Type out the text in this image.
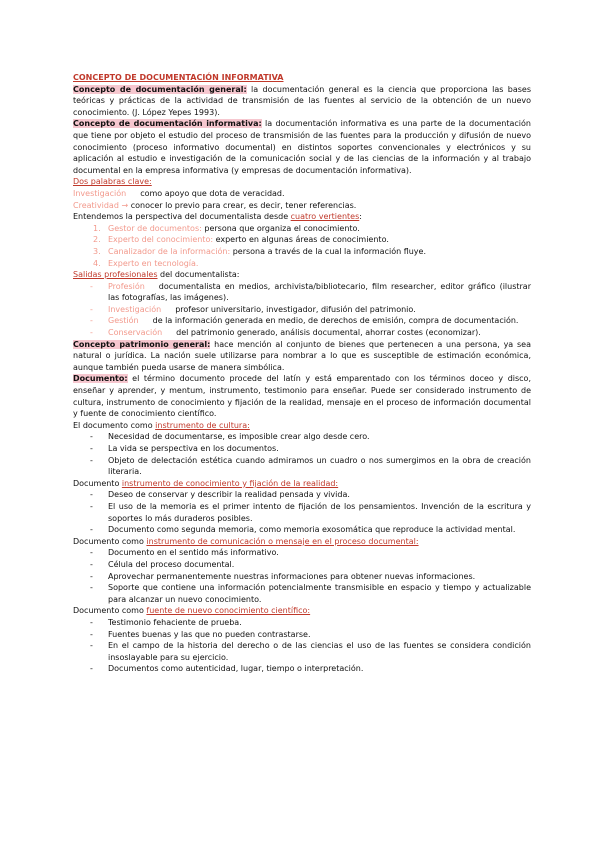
CONCEPTO DE DOCUMENTACIÓN INFORMATIVA

Concepto de documentación general: la documentación general es la ciencia que proporciona las bases teóricas y prácticas de la actividad de transmisión de las fuentes al servicio de la obtención de un nuevo conocimiento. (J. López Yepes 1993).

Concepto de documentación informativa: la documentación informativa es una parte de la documentación que tiene por objeto el estudio del proceso de transmisión de las fuentes para la producción y difusión de nuevo conocimiento (proceso informativo documental) en distintos soportes convencionales y electrónicos y su aplicación al estudio e investigación de la comunicación social y de las ciencias de la información y al trabajo documental en la empresa informativa (y empresas de documentación informativa).

Dos palabras clave:

Investigación como apoyo que dota de veracidad.

Creatividad → conocer lo previo para crear, es decir, tener referencias.

Entendemos la perspectiva del documentalista desde cuatro vertientes:

1. Gestor de documentos: persona que organiza el conocimiento.
2. Experto del conocimiento: experto en algunas áreas de conocimiento.
3. Canalizador de la información: persona a través de la cual la información fluye.
4. Experto en tecnología.

Salidas profesionales del documentalista:

- Profesión documentalista en medios, archivista/bibliotecario, film researcher, editor gráfico (ilustrar las fotografías, las imágenes).
- Investigación profesor universitario, investigador, difusión del patrimonio.
- Gestión de la información generada en medio, de derechos de emisión, compra de documentación.
- Conservación del patrimonio generado, análisis documental, ahorrar costes (economizar).

Concepto patrimonio general: hace mención al conjunto de bienes que pertenecen a una persona, ya sea natural o jurídica. La nación suele utilizarse para nombrar a lo que es susceptible de estimación económica, aunque también pueda usarse de manera simbólica.

Documento: el término documento procede del latín y está emparentado con los términos doceo y disco, enseñar y aprender, y mentum, instrumento, testimonio para enseñar. Puede ser considerado instrumento de cultura, instrumento de conocimiento y fijación de la realidad, mensaje en el proceso de información documental y fuente de conocimiento científico.

El documento como instrumento de cultura:

- Necesidad de documentarse, es imposible crear algo desde cero.
- La vida se perspectiva en los documentos.
- Objeto de delectación estética cuando admiramos un cuadro o nos sumergimos en la obra de creación literaria.

Documento instrumento de conocimiento y fijación de la realidad:

- Deseo de conservar y describir la realidad pensada y vivida.
- El uso de la memoria es el primer intento de fijación de los pensamientos. Invención de la escritura y soportes lo más duraderos posibles.
- Documento como segunda memoria, como memoria exosomática que reproduce la actividad mental.

Documento como instrumento de comunicación o mensaje en el proceso documental:

- Documento en el sentido más informativo.
- Célula del proceso documental.
- Aprovechar permanentemente nuestras informaciones para obtener nuevas informaciones.
- Soporte que contiene una información potencialmente transmisible en espacio y tiempo y actualizable para alcanzar un nuevo conocimiento.

Documento como fuente de nuevo conocimiento científico:

- Testimonio fehaciente de prueba.
- Fuentes buenas y las que no pueden contrastarse.
- En el campo de la historia del derecho o de las ciencias el uso de las fuentes se considera condición insoslayable para su ejercicio.
- Documentos como autenticidad, lugar, tiempo o interpretación.
